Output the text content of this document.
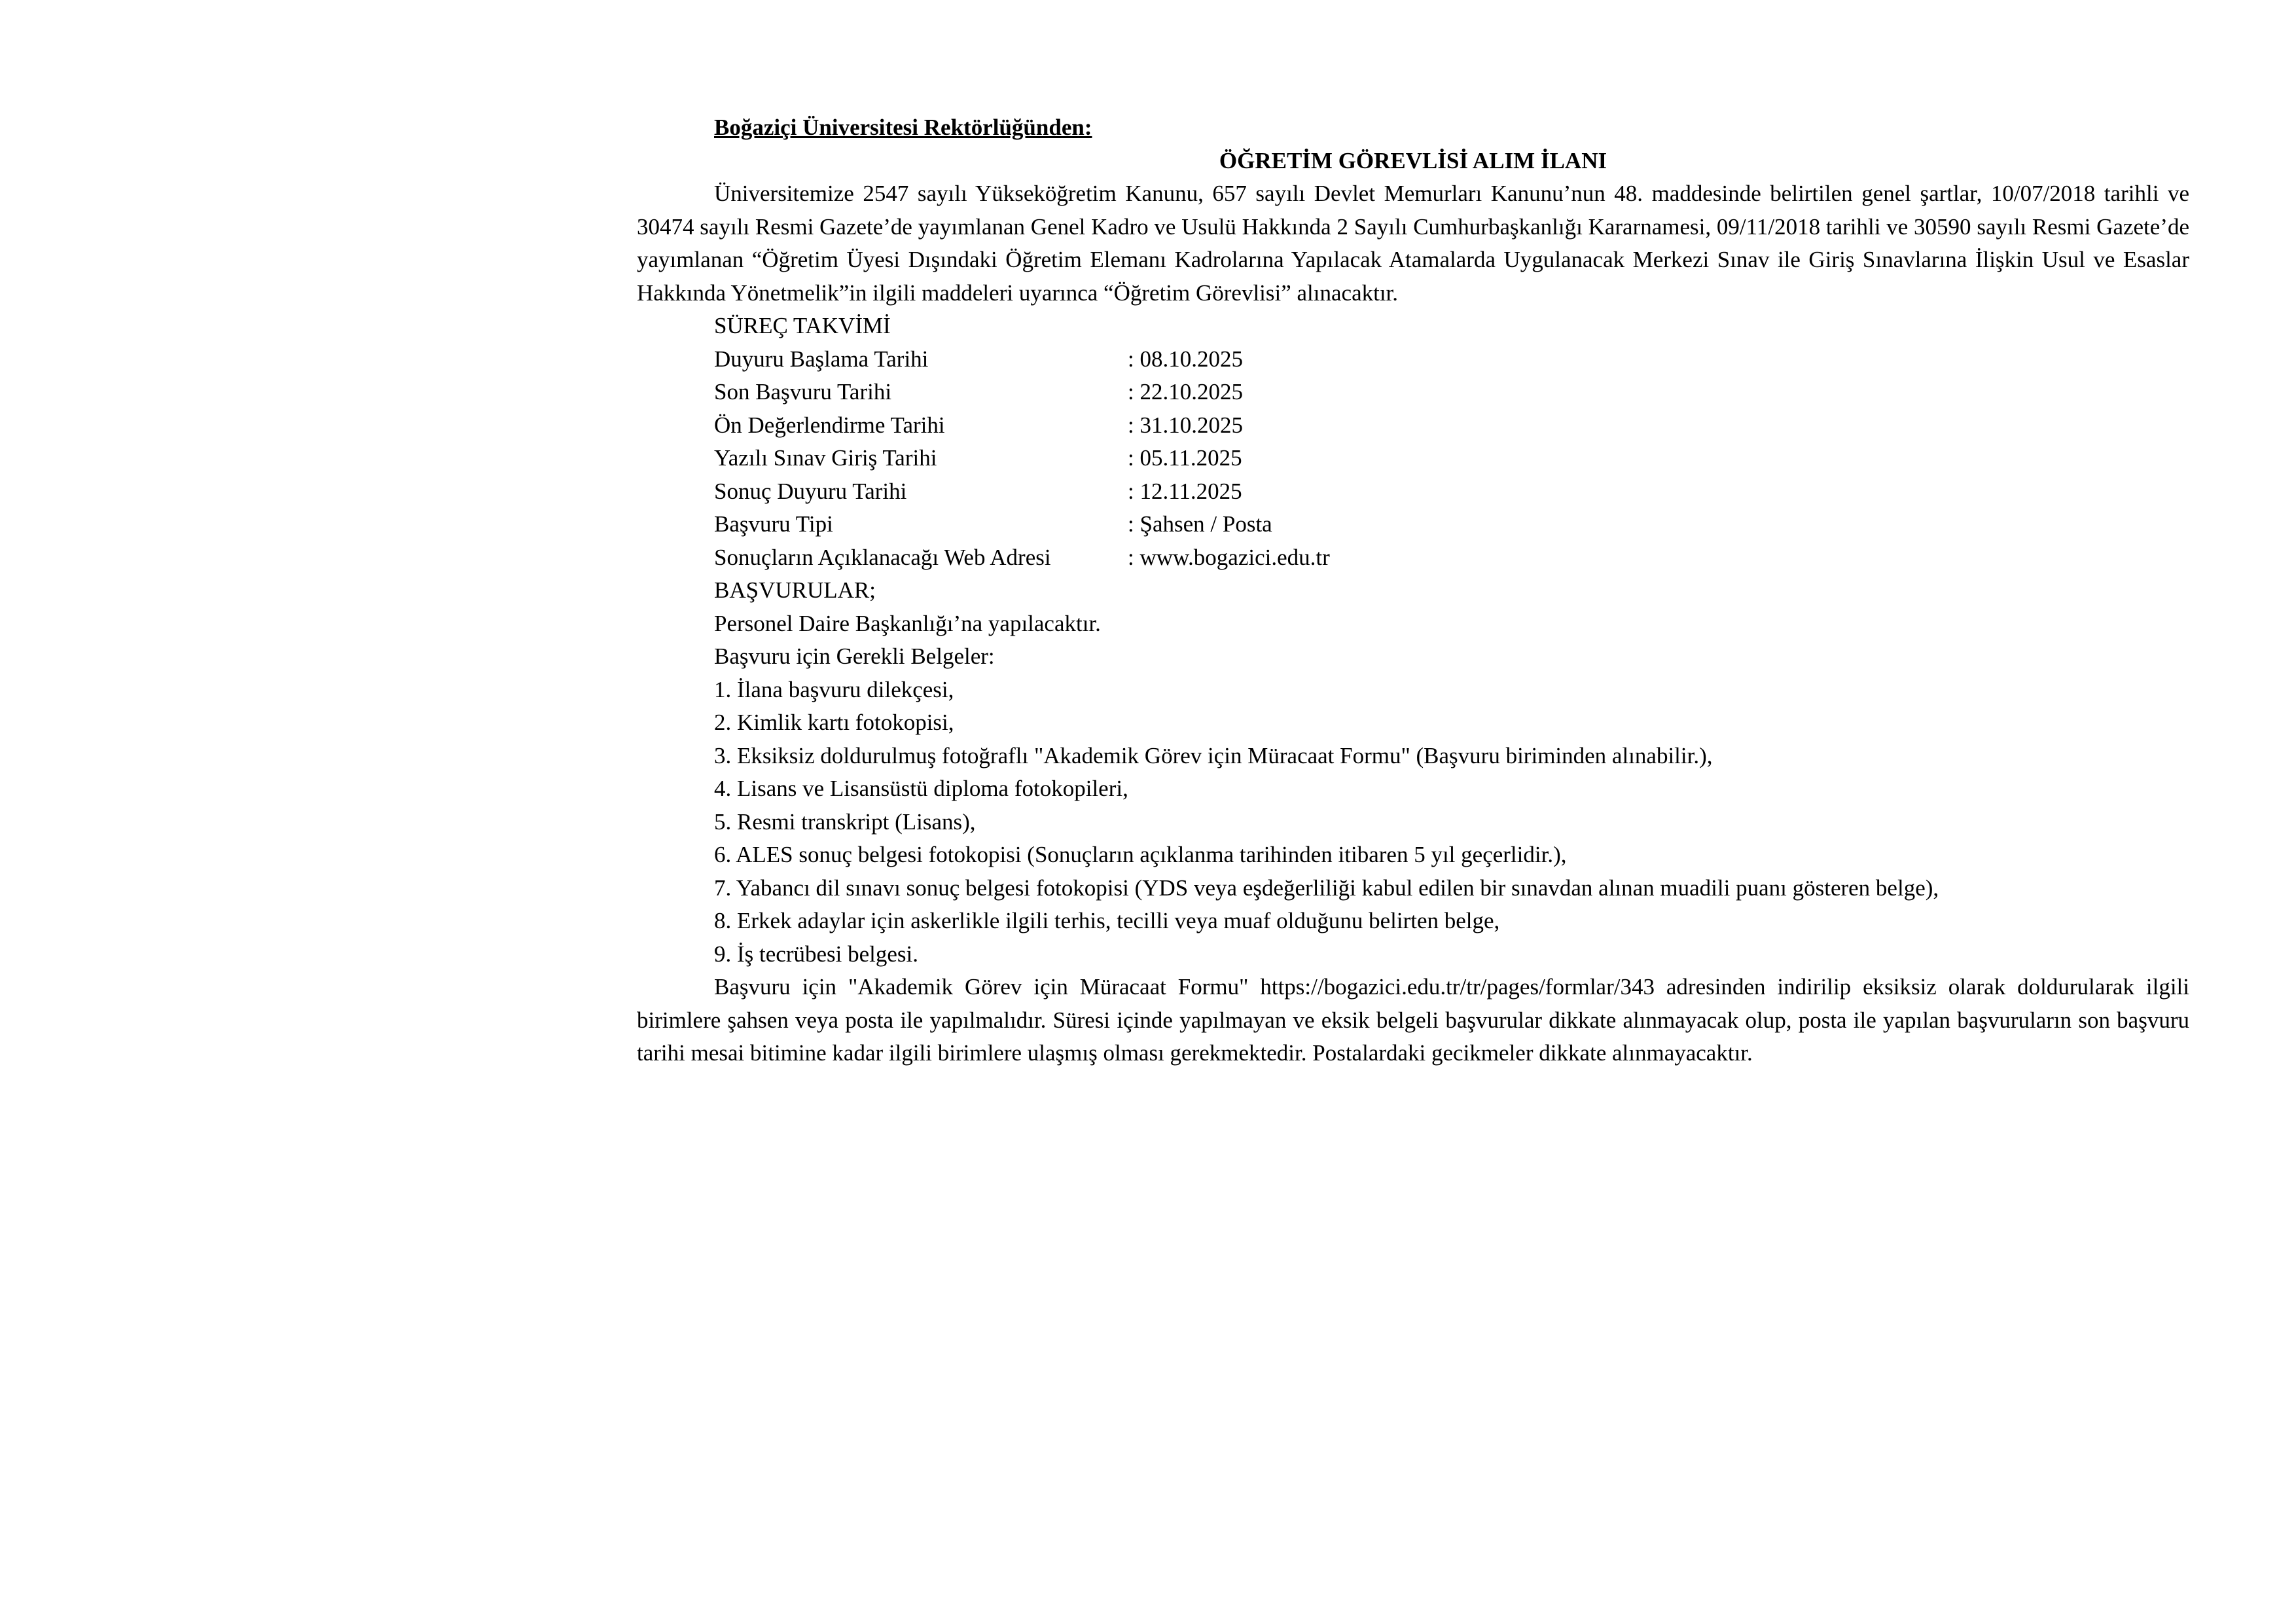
Boğaziçi Üniversitesi Rektörlüğünden:
ÖĞRETİM GÖREVLİSİ ALIM İLANI
Üniversitemize 2547 sayılı Yükseköğretim Kanunu, 657 sayılı Devlet Memurları Kanunu’nun 48. maddesinde belirtilen genel şartlar, 10/07/2018 tarihli ve 30474 sayılı Resmi Gazete’de yayımlanan Genel Kadro ve Usulü Hakkında 2 Sayılı Cumhurbaşkanlığı Kararnamesi, 09/11/2018 tarihli ve 30590 sayılı Resmi Gazete’de yayımlanan “Öğretim Üyesi Dışındaki Öğretim Elemanı Kadrolarına Yapılacak Atamalarda Uygulanacak Merkezi Sınav ile Giriş Sınavlarına İlişkin Usul ve Esaslar Hakkında Yönetmelik”in ilgili maddeleri uyarınca “Öğretim Görevlisi” alınacaktır.
SÜREÇ TAKVİMİ
Duyuru Başlama Tarihi	: 08.10.2025
Son Başvuru Tarihi	: 22.10.2025
Ön Değerlendirme Tarihi	: 31.10.2025
Yazılı Sınav Giriş Tarihi	: 05.11.2025
Sonuç Duyuru Tarihi	: 12.11.2025
Başvuru Tipi	: Şahsen / Posta
Sonuçların Açıklanacağı Web Adresi	: www.bogazici.edu.tr
BAŞVURULAR;
Personel Daire Başkanlığı’na yapılacaktır.
Başvuru için Gerekli Belgeler:
1. İlana başvuru dilekçesi,
2. Kimlik kartı fotokopisi,
3. Eksiksiz doldurulmuş fotoğraflı "Akademik Görev için Müracaat Formu" (Başvuru biriminden alınabilir.),
4. Lisans ve Lisansüstü diploma fotokopileri,
5. Resmi transkript (Lisans),
6. ALES sonuç belgesi fotokopisi (Sonuçların açıklanma tarihinden itibaren 5 yıl geçerlidir.),
7. Yabancı dil sınavı sonuç belgesi fotokopisi (YDS veya eşdeğerliliği kabul edilen bir sınavdan alınan muadili puanı gösteren belge),
8. Erkek adaylar için askerlikle ilgili terhis, tecilli veya muaf olduğunu belirten belge,
9. İş tecrübesi belgesi.
Başvuru için "Akademik Görev için Müracaat Formu" https://bogazici.edu.tr/tr/pages/formlar/343 adresinden indirilip eksiksiz olarak doldurularak ilgili birimlere şahsen veya posta ile yapılmalıdır. Süresi içinde yapılmayan ve eksik belgeli başvurular dikkate alınmayacak olup, posta ile yapılan başvuruların son başvuru tarihi mesai bitimine kadar ilgili birimlere ulaşmış olması gerekmektedir. Postalardaki gecikmeler dikkate alınmayacaktır.
